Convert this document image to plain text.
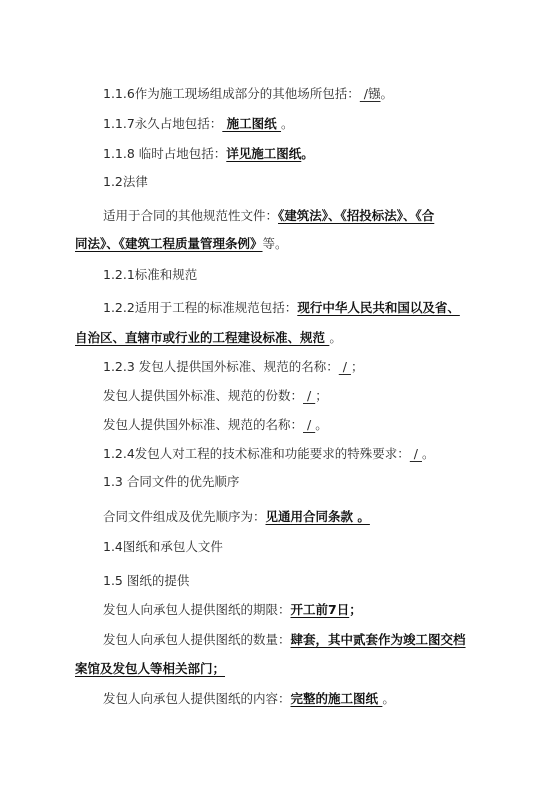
1.1.6作为施工现场组成部分的其他场所包括： /镪。
1.1.7永久占地包括： 施工图纸 。
1.1.8 临时占地包括：详见施工图纸。
1.2法律
适用于合同的其他规范性文件：《建筑法》、《招投标法》、《合
同法》、《建筑工程质量管理条例》等。
1.2.1标准和规范
1.2.2适用于工程的标准规范包括：现行中华人民共和国以及省、
自治区、直辖市或行业的工程建设标准、规范 。
1.2.3 发包人提供国外标准、规范的名称： / ；
发包人提供国外标准、规范的份数： / ；
发包人提供国外标准、规范的名称： / 。
1.2.4发包人对工程的技术标准和功能要求的特殊要求： / 。
1.3 合同文件的优先顺序
合同文件组成及优先顺序为：见通用合同条款 。
1.4图纸和承包人文件
1.5 图纸的提供
发包人向承包人提供图纸的期限：开工前7日；
发包人向承包人提供图纸的数量：肆套，其中贰套作为竣工图交档
案馆及发包人等相关部门；
发包人向承包人提供图纸的内容：完整的施工图纸 。
